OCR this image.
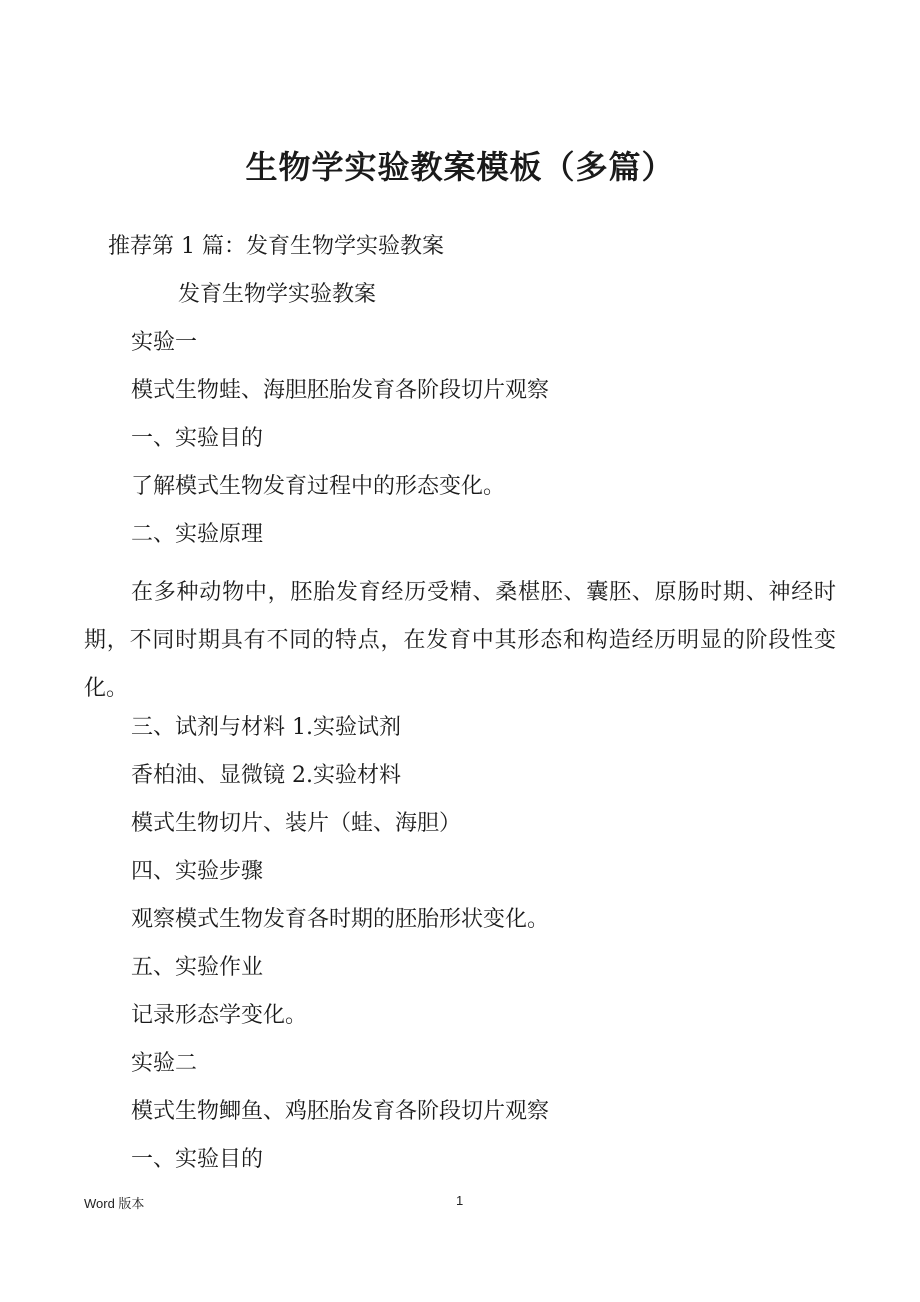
生物学实验教案模板（多篇）
推荐第 1 篇：发育生物学实验教案
发育生物学实验教案
实验一
模式生物蛙、海胆胚胎发育各阶段切片观察
一、实验目的
了解模式生物发育过程中的形态变化。
二、实验原理
在多种动物中，胚胎发育经历受精、桑椹胚、囊胚、原肠时期、神经时期，不同时期具有不同的特点，在发育中其形态和构造经历明显的阶段性变化。
三、试剂与材料 1.实验试剂
香柏油、显微镜 2.实验材料
模式生物切片、装片（蛙、海胆）
四、实验步骤
观察模式生物发育各时期的胚胎形状变化。
五、实验作业
记录形态学变化。
实验二
模式生物鲫鱼、鸡胚胎发育各阶段切片观察
一、实验目的
Word 版本	1
